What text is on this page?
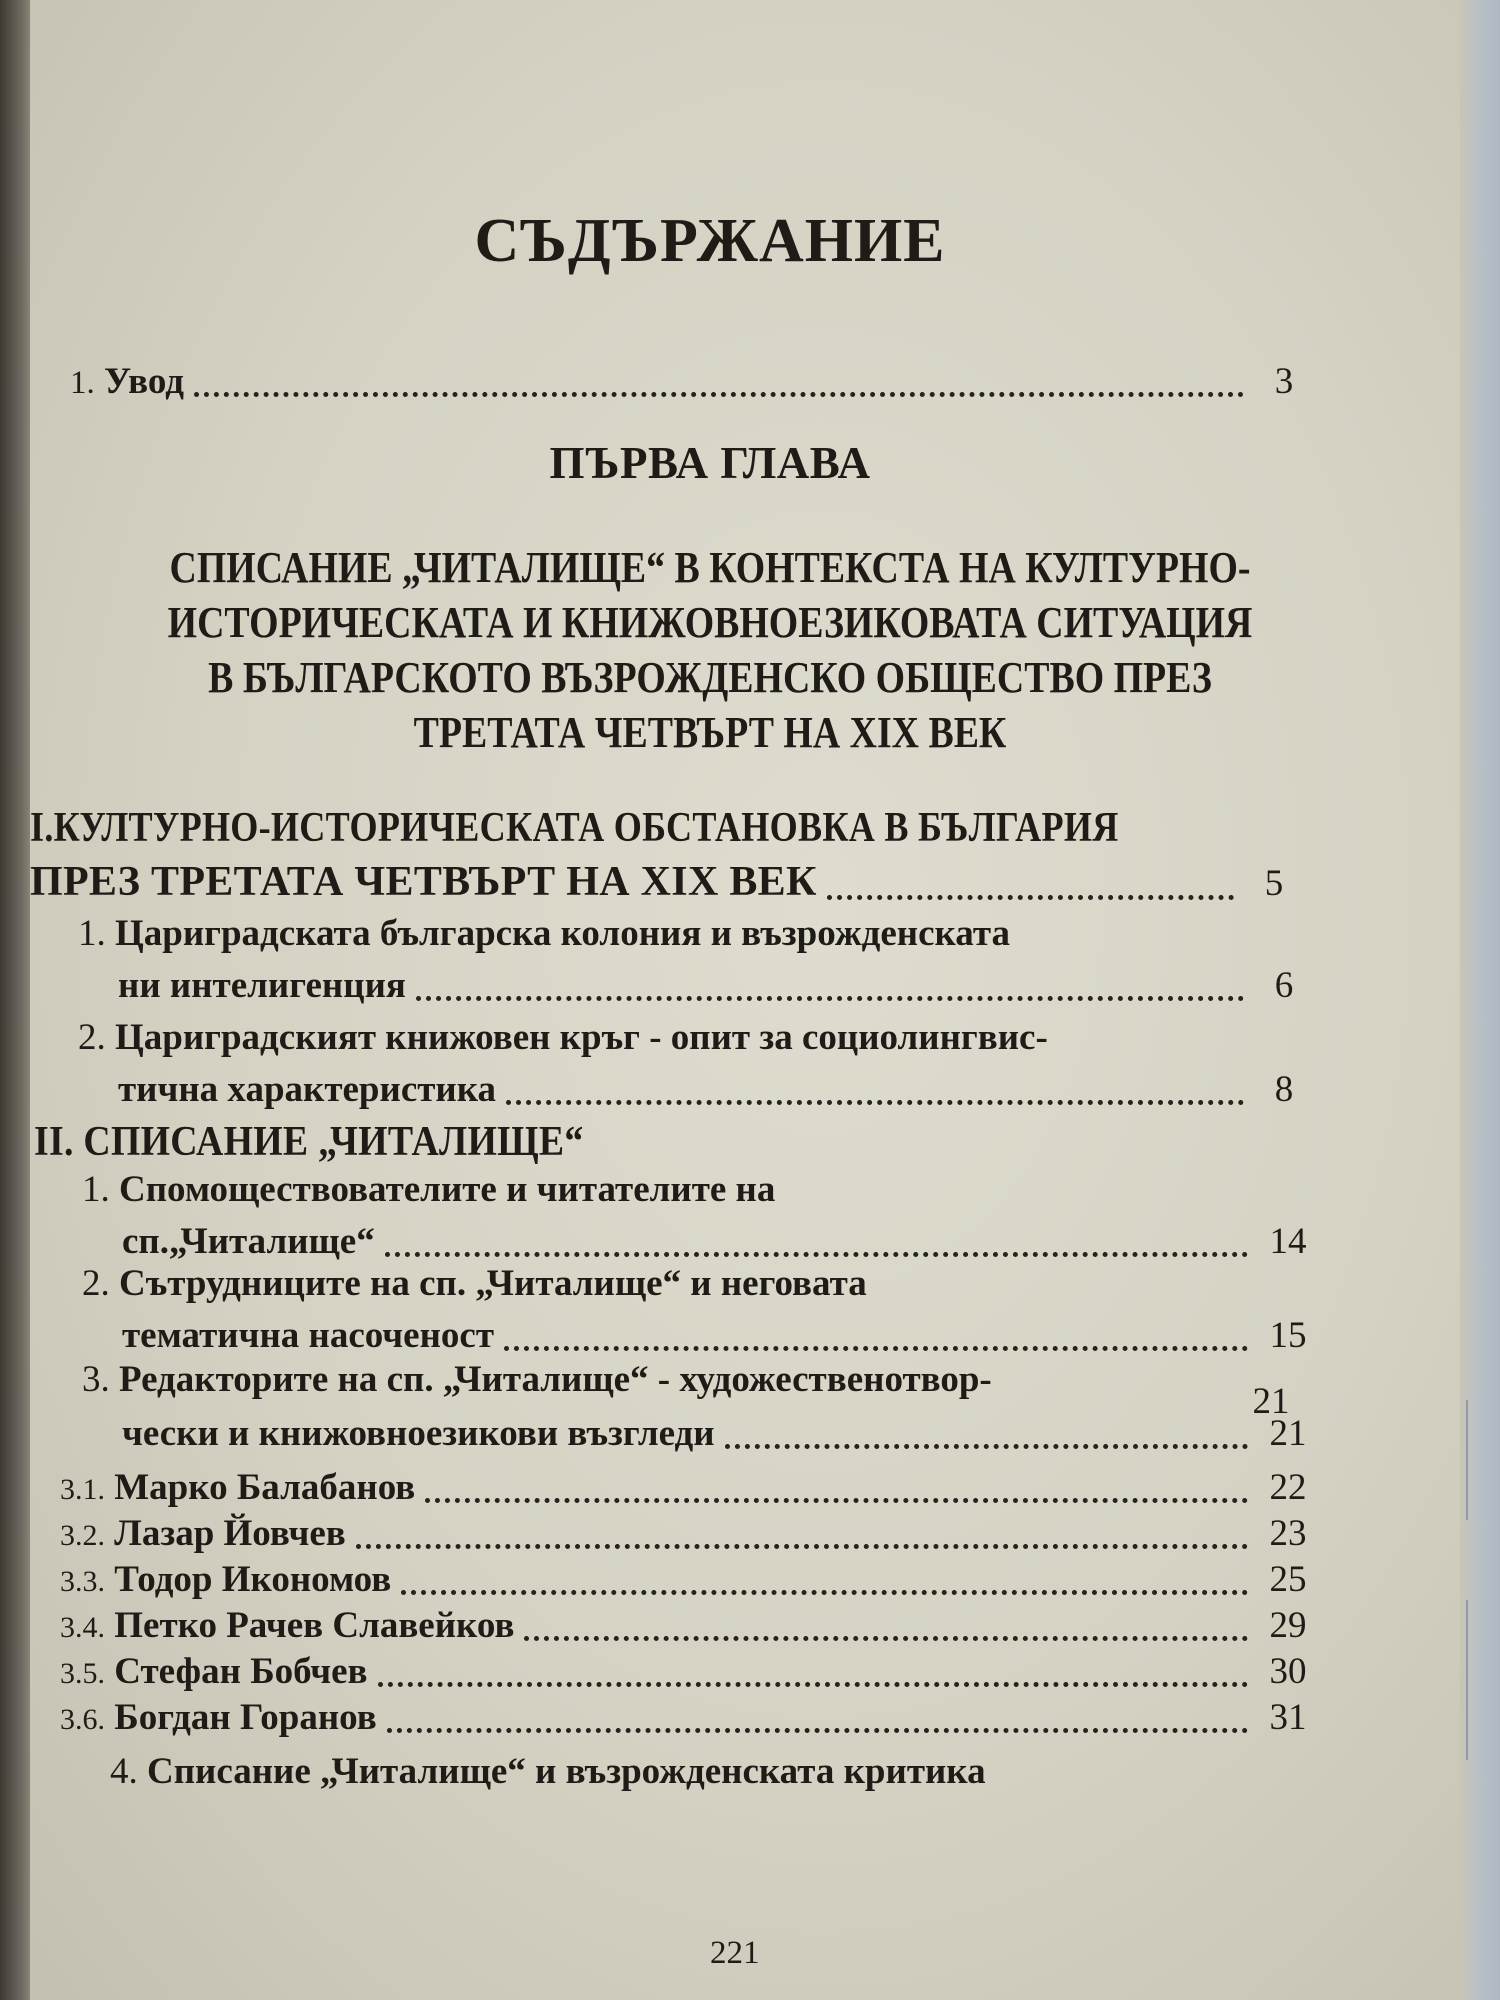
СЪДЪРЖАНИЕ
1. Увод	3
ПЪРВА ГЛАВА
СПИСАНИЕ „ЧИТАЛИЩЕ“ В КОНТЕКСТА НА КУЛТУРНО-
ИСТОРИЧЕСКАТА И КНИЖОВНОЕЗИКОВАТА СИТУАЦИЯ
В БЪЛГАРСКОТО ВЪЗРОЖДЕНСКО ОБЩЕСТВО ПРЕЗ
ТРЕТАТА ЧЕТВЪРТ НА XIX ВЕК
I.КУЛТУРНО-ИСТОРИЧЕСКАТА ОБСТАНОВКА В БЪЛГАРИЯ
ПРЕЗ ТРЕТАТА ЧЕТВЪРТ НА XIX ВЕК	5
1. Цариградската българска колония и възрожденската
ни интелигенция	6
2. Цариградският книжовен кръг - опит за социолингвис-
тична характеристика	8
II. СПИСАНИЕ „ЧИТАЛИЩЕ“
1. Спомоществователите и читателите на
сп.„Читалище“	14
2. Сътрудниците на сп. „Читалище“ и неговата
тематична насоченост	15
3. Редакторите на сп. „Читалище“ - художественотвор-
21
чески и книжовноезикови възгледи	21
3.1. Марко Балабанов	22
3.2. Лазар Йовчев	23
3.3. Тодор Икономов	25
3.4. Петко Рачев Славейков	29
3.5. Стефан Бобчев	30
3.6. Богдан Горанов	31
4. Списание „Читалище“ и възрожденската критика
221
